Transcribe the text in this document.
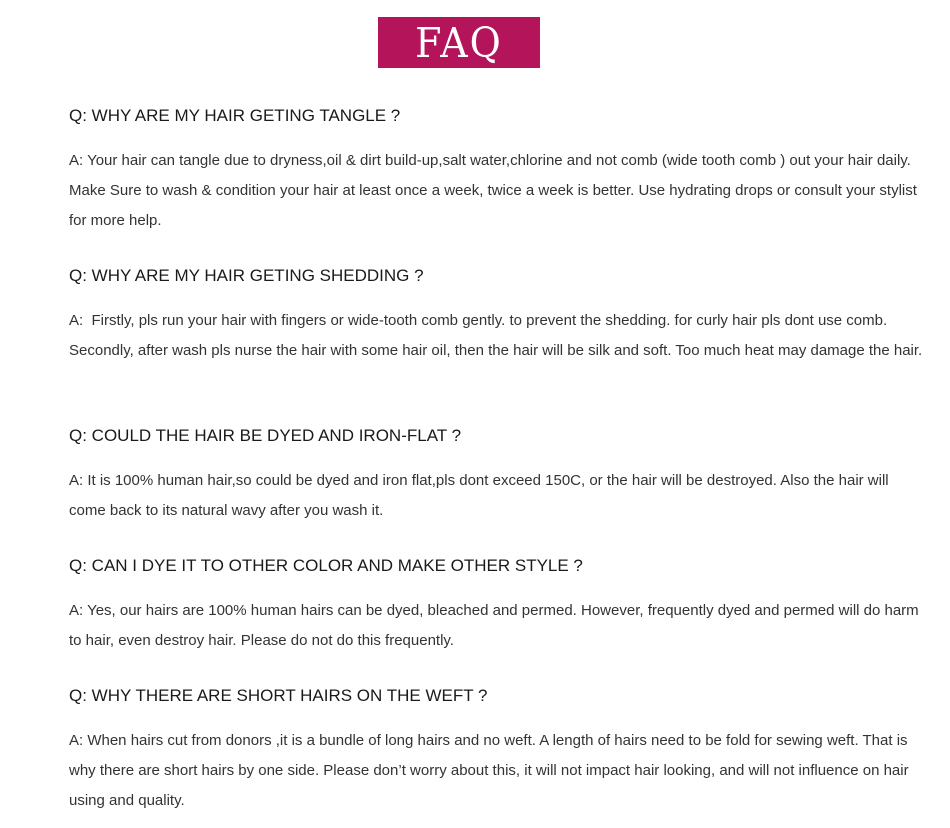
FAQ
Q: WHY ARE MY HAIR GETING TANGLE ?
A: Your hair can tangle due to dryness,oil & dirt build-up,salt water,chlorine and not comb (wide tooth comb ) out your hair daily. Make Sure to wash & condition your hair at least once a week, twice a week is better. Use hydrating drops or consult your stylist for more help.
Q: WHY ARE MY HAIR GETING SHEDDING ?
A:  Firstly, pls run your hair with fingers or wide-tooth comb gently. to prevent the shedding. for curly hair pls dont use comb. Secondly, after wash pls nurse the hair with some hair oil, then the hair will be silk and soft. Too much heat may damage the hair.
Q: COULD THE HAIR BE DYED AND IRON-FLAT ?
A: It is 100% human hair,so could be dyed and iron flat,pls dont exceed 150C, or the hair will be destroyed. Also the hair will come back to its natural wavy after you wash it.
Q: CAN I DYE IT TO OTHER COLOR AND MAKE OTHER STYLE ?
A: Yes, our hairs are 100% human hairs can be dyed, bleached and permed. However, frequently dyed and permed will do harm to hair, even destroy hair. Please do not do this frequently.
Q: WHY THERE ARE SHORT HAIRS ON THE WEFT ?
A: When hairs cut from donors ,it is a bundle of long hairs and no weft. A length of hairs need to be fold for sewing weft. That is why there are short hairs by one side. Please don’t worry about this, it will not impact hair looking, and will not influence on hair using and quality.
